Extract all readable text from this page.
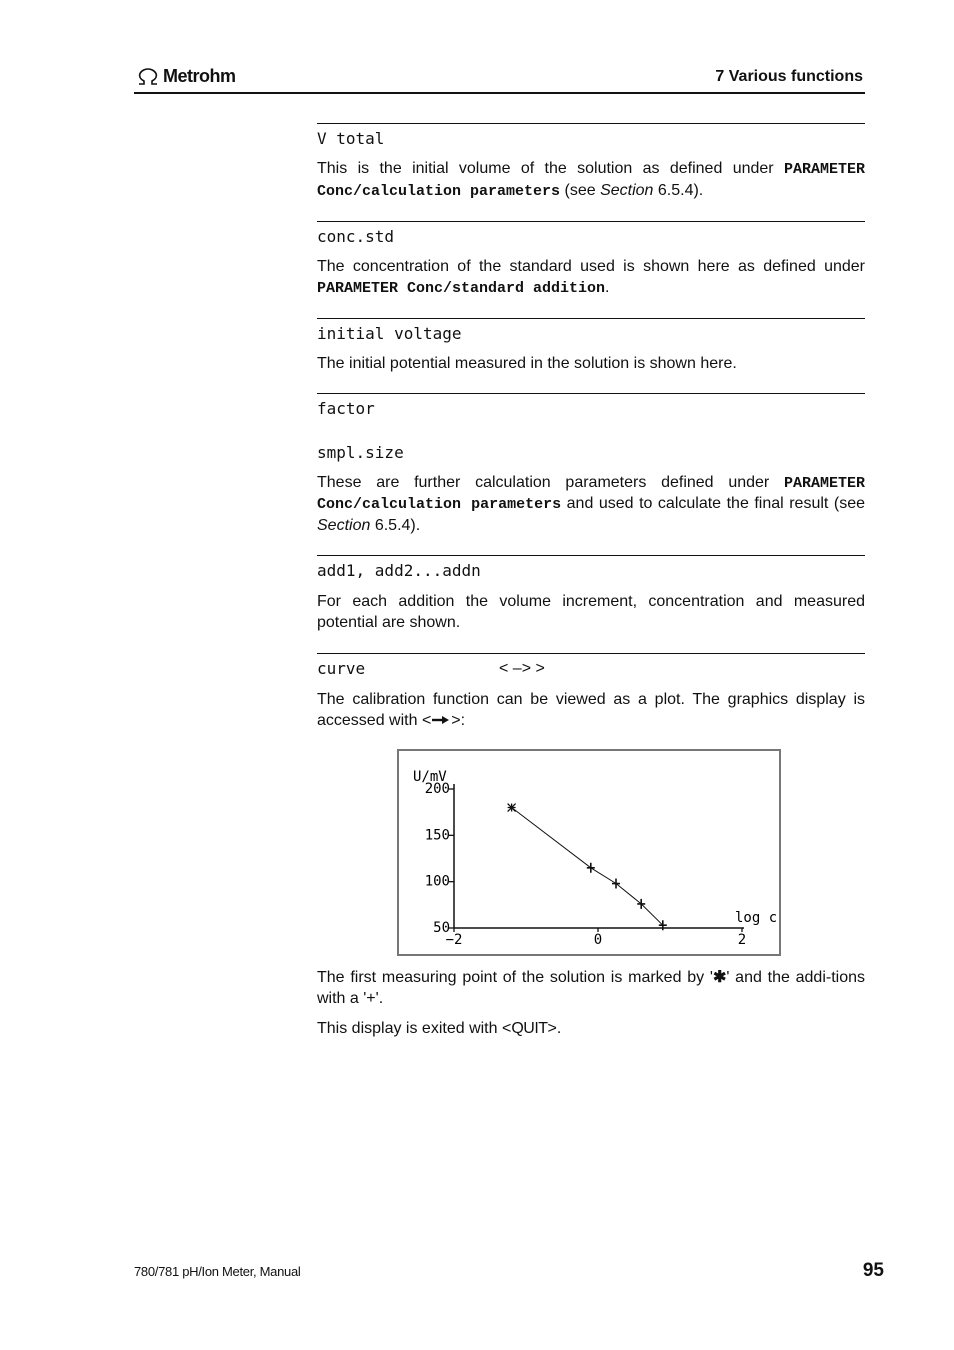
Metrohm	7 Various functions
V total

This is the initial volume of the solution as defined under PARAMETER Conc/calculation parameters (see Section 6.5.4).

conc.std

The concentration of the standard used is shown here as defined under PARAMETER Conc/standard addition.

initial voltage

The initial potential measured in the solution is shown here.

factor
smpl.size

These are further calculation parameters defined under PARAMETER Conc/calculation parameters and used to calculate the final result (see Section 6.5.4).

add1, add2...addn

For each addition the volume increment, concentration and measured potential are shown.

curve	< –> >

The calibration function can be viewed as a plot. The graphics display is accessed with < >:

U/mV
log c
200
150
100
50
−2	0	2

The first measuring point of the solution is marked by '✱' and the addi-tions with a '+'.

This display is exited with <QUIT>.

780/781 pH/Ion Meter, Manual	95
